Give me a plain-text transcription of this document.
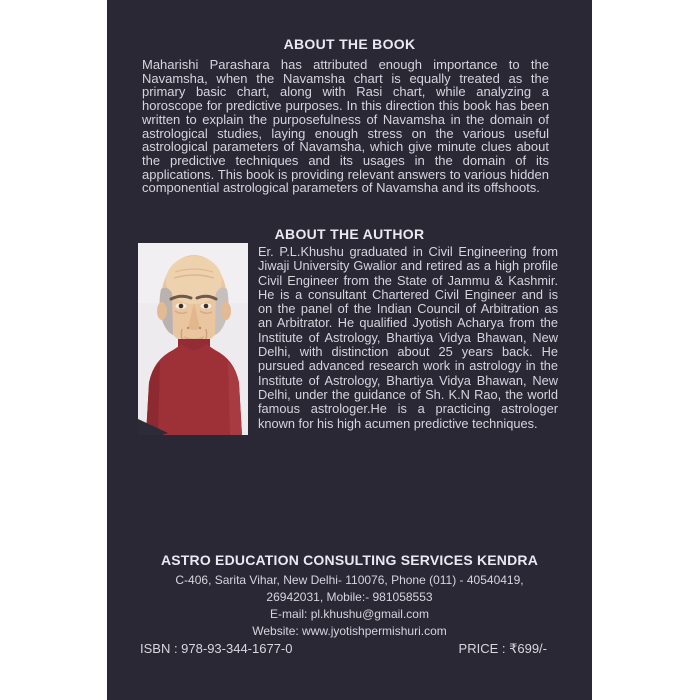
ABOUT THE BOOK
Maharishi Parashara has attributed enough importance to the Navamsha, when the Navamsha chart is equally treated as the primary basic chart, along with Rasi chart, while analyzing a horoscope for predictive purposes. In this direction this book has been written to explain the purposefulness of Navamsha in the domain of astrological studies, laying enough stress on the various useful astrological parameters of Navamsha, which give minute clues about the predictive techniques and its usages in the domain of its applications. This book is providing relevant answers to various hidden componential astrological parameters of Navamsha and its offshoots.
ABOUT THE AUTHOR
Er. P.L.Khushu graduated in Civil Engineering from Jiwaji University Gwalior and retired as a high profile Civil Engineer from the State of Jammu & Kashmir. He is a consultant Chartered Civil Engineer and is on the panel of the Indian Council of Arbitration as an Arbitrator. He qualified Jyotish Acharya from the Institute of Astrology, Bhartiya Vidya Bhawan, New Delhi, with distinction about 25 years back. He pursued advanced research work in astrology in the Institute of Astrology, Bhartiya Vidya Bhawan, New Delhi, under the guidance of Sh. K.N Rao, the world famous astrologer.He is a practicing astrologer known for his high acumen predictive techniques.
ASTRO EDUCATION CONSULTING SERVICES KENDRA
C-406, Sarita Vihar, New Delhi- 110076, Phone (011) - 40540419,
26942031, Mobile:- 981058553
E-mail: pl.khushu@gmail.com
Website: www.jyotishpermishuri.com
ISBN : 978-93-344-1677-0	PRICE : ₹699/-
